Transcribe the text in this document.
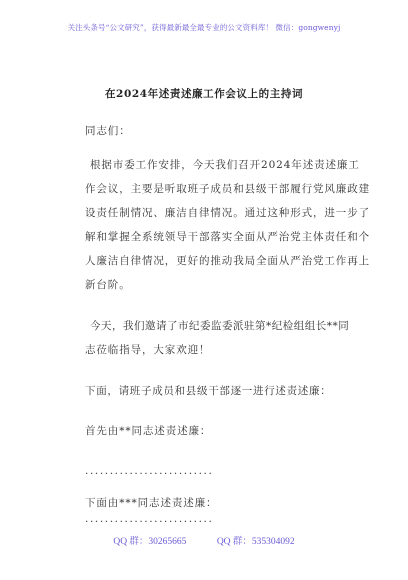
关注头条号“公文研究”，获得最新最全最专业的公文资料库！ 微信：gongwenyj
在2024年述责述廉工作会议上的主持词
同志们：
根据市委工作安排，今天我们召开2024年述责述廉工
作会议，主要是听取班子成员和县级干部履行党风廉政建
设责任制情况、廉洁自律情况。通过这种形式，进一步了
解和掌握全系统领导干部落实全面从严治党主体责任和个
人廉洁自律情况，更好的推动我局全面从严治党工作再上
新台阶。
今天，我们邀请了市纪委监委派驻第*纪检组组长**同
志莅临指导，大家欢迎！
下面，请班子成员和县级干部逐一进行述责述廉：
首先由**同志述责述廉：
..........................
下面由***同志述责述廉：
..........................
QQ 群：30265665	QQ 群：535304092
